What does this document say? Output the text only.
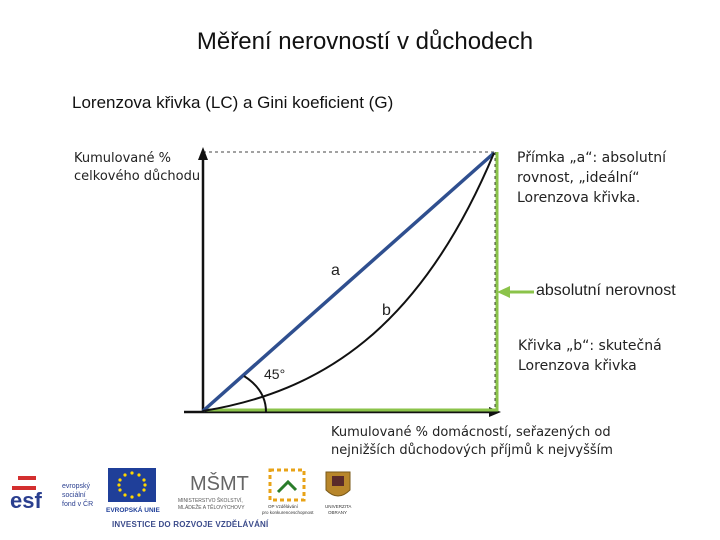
Měření nerovností v důchodech
Lorenzova křivka (LC) a Gini koeficient (G)
Kumulované %
celkového důchodu
Přímka „a“: absolutní
rovnost, „ideální“
Lorenzova křivka.
a
b
absolutní nerovnost
Křivka „b“: skutečná
Lorenzova křivka
45°
Kumulované % domácností, seřazených od
nejnižších důchodových příjmů k nejvyšším
esf
evropský
sociální
fond v ČR
EVROPSKÁ UNIE
MŠMT
MINISTERSTVO ŠKOLSTVÍ,
MLÁDEŽE A TĚLOVÝCHOVY	OP Vzdělávání
pro konkurenceschopnost
UNIVERZITA
OBRANY
INVESTICE DO ROZVOJE VZDĚLÁVÁNÍ
